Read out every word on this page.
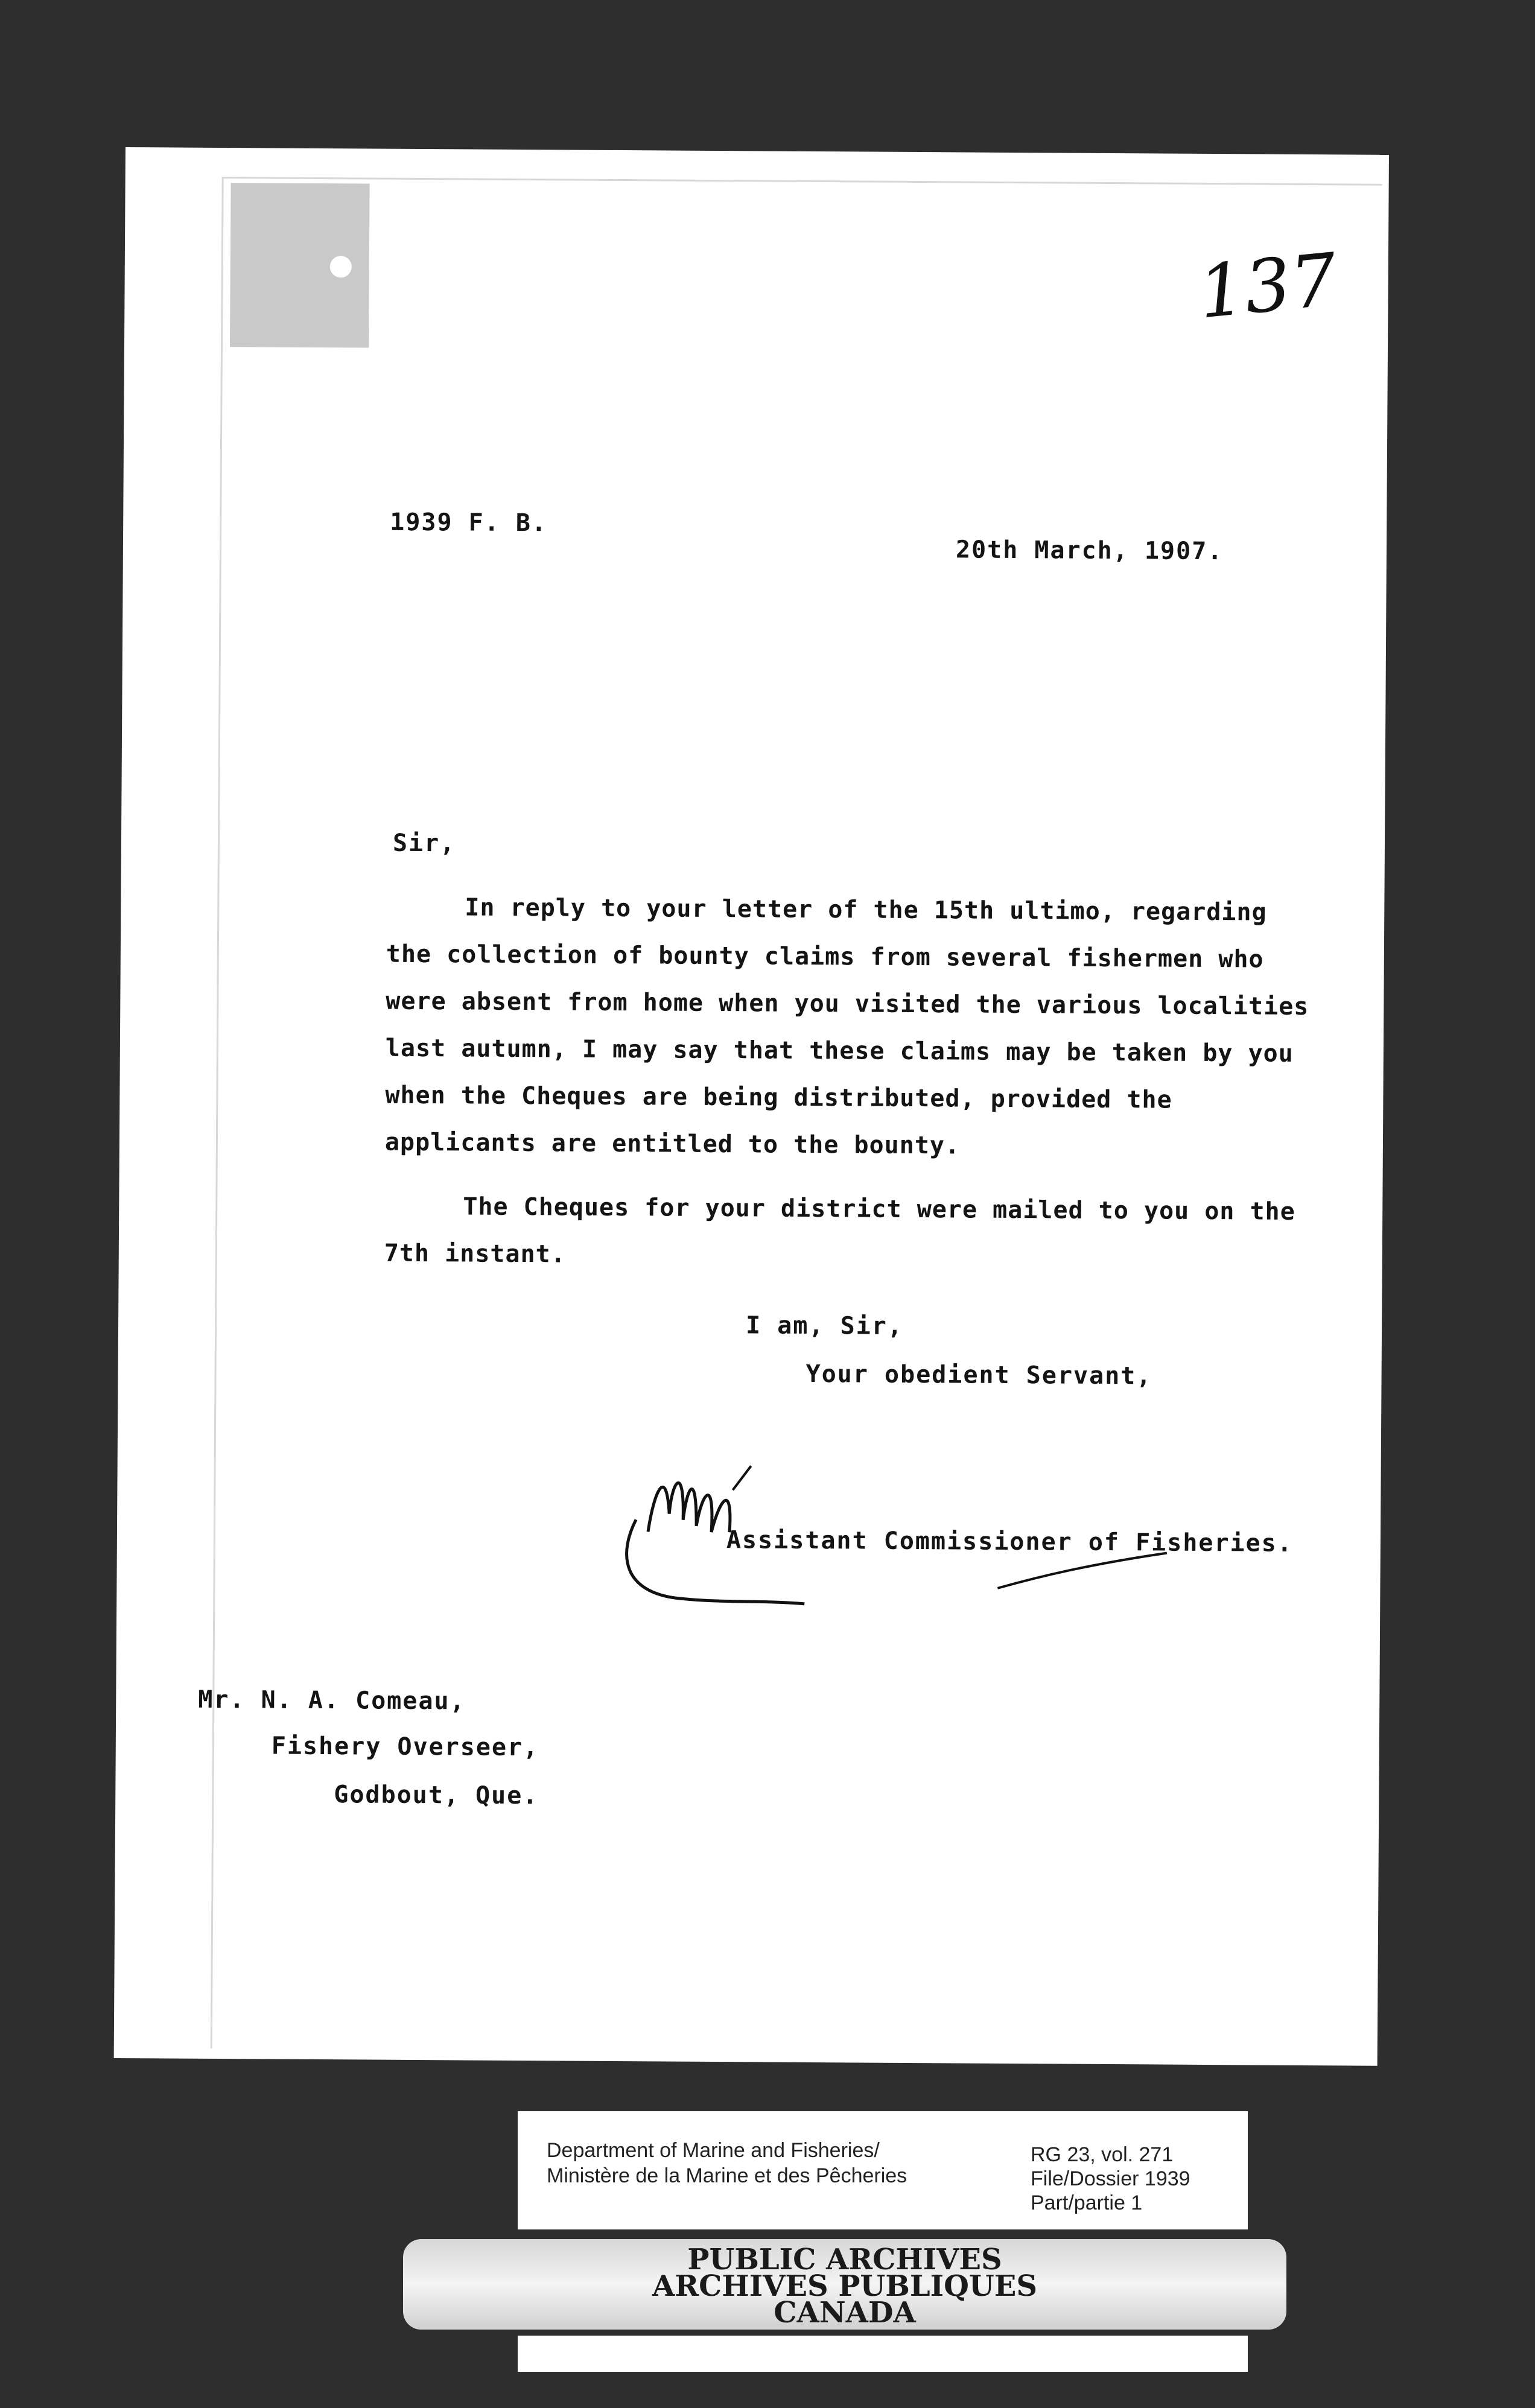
137
1939 F. B.
20th March, 1907.
Sir,
In reply to your letter of the 15th ultimo, regarding the collection of bounty claims from several fishermen who were absent from home when you visited the various localities last autumn, I may say that these claims may be taken by you when the Cheques are being distributed, provided the applicants are entitled to the bounty.
The Cheques for your district were mailed to you on the 7th instant.
I am, Sir,
Your obedient Servant,
Assistant Commissioner of Fisheries.
Mr. N. A. Comeau,
Fishery Overseer,
Godbout, Que.
Department of Marine and Fisheries/
Ministère de la Marine et des Pêcheries
RG 23, vol. 271
File/Dossier 1939
Part/partie 1
PUBLIC ARCHIVES
ARCHIVES PUBLIQUES
CANADA
